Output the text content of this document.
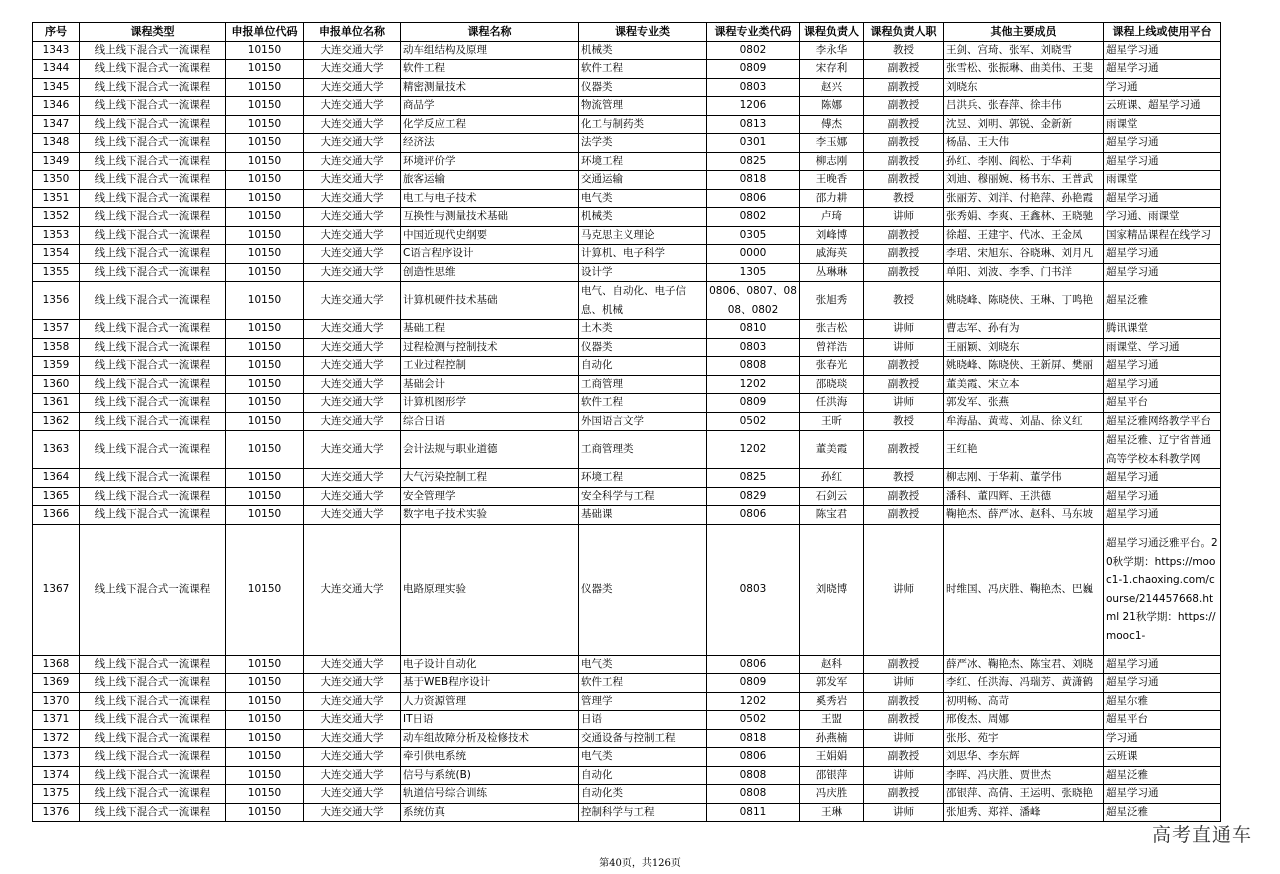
序号	课程类型	申报单位代码	申报单位名称	课程名称	课程专业类	课程专业类代码	课程负责人	课程负责人职	其他主要成员	课程上线或使用平台
1343	线上线下混合式一流课程	10150	大连交通大学	动车组结构及原理	机械类	0802	李永华	教授	王剑、宫琦、张军、刘晓雪	超星学习通
1344	线上线下混合式一流课程	10150	大连交通大学	软件工程	软件工程	0809	宋存利	副教授	张雪松、张振琳、曲美伟、王斐	超星学习通
1345	线上线下混合式一流课程	10150	大连交通大学	精密测量技术	仪器类	0803	赵兴	副教授	刘晓东	学习通
1346	线上线下混合式一流课程	10150	大连交通大学	商品学	物流管理	1206	陈娜	副教授	吕洪兵、张春萍、徐丰伟	云班课、超星学习通
1347	线上线下混合式一流课程	10150	大连交通大学	化学反应工程	化工与制药类	0813	傅杰	副教授	沈昱、刘明、郭锐、金新新	雨课堂
1348	线上线下混合式一流课程	10150	大连交通大学	经济法	法学类	0301	李玉娜	副教授	杨晶、王大伟	超星学习通
1349	线上线下混合式一流课程	10150	大连交通大学	环境评价学	环境工程	0825	柳志刚	副教授	孙红、李刚、阎松、于华莉	超星学习通
1350	线上线下混合式一流课程	10150	大连交通大学	旅客运输	交通运输	0818	王晚香	副教授	刘迪、穆丽婉、杨书东、王普武	雨课堂
1351	线上线下混合式一流课程	10150	大连交通大学	电工与电子技术	电气类	0806	邵力耕	教授	张丽芳、刘洋、付艳萍、孙艳霞	超星学习通
1352	线上线下混合式一流课程	10150	大连交通大学	互换性与测量技术基础	机械类	0802	卢琦	讲师	张秀娟、李爽、王鑫林、王晓驰	学习通、雨课堂
1353	线上线下混合式一流课程	10150	大连交通大学	中国近现代史纲要	马克思主义理论	0305	刘峰博	副教授	徐超、王建宇、代冰、王金凤	国家精品课程在线学习
1354	线上线下混合式一流课程	10150	大连交通大学	C语言程序设计	计算机、电子科学	0000	戚海英	副教授	李珺、宋旭东、谷晓琳、刘月凡	超星学习通
1355	线上线下混合式一流课程	10150	大连交通大学	创造性思维	设计学	1305	丛琳琳	副教授	单阳、刘波、李季、门书洋	超星学习通
1356	线上线下混合式一流课程	10150	大连交通大学	计算机硬件技术基础	电气、自动化、电子信息、机械	0806、0807、0808、0802	张旭秀	教授	姚晓峰、陈晓侠、王琳、丁鸣艳	超星泛雅
1357	线上线下混合式一流课程	10150	大连交通大学	基础工程	土木类	0810	张吉松	讲师	曹志军、孙有为	腾讯课堂
1358	线上线下混合式一流课程	10150	大连交通大学	过程检测与控制技术	仪器类	0803	曾祥浩	讲师	王丽颖、刘晓东	雨课堂、学习通
1359	线上线下混合式一流课程	10150	大连交通大学	工业过程控制	自动化	0808	张春光	副教授	姚晓峰、陈晓侠、王新屏、樊丽	超星学习通
1360	线上线下混合式一流课程	10150	大连交通大学	基础会计	工商管理	1202	邵晓琰	副教授	董美霞、宋立本	超星学习通
1361	线上线下混合式一流课程	10150	大连交通大学	计算机图形学	软件工程	0809	任洪海	讲师	郭发军、张燕	超星平台
1362	线上线下混合式一流课程	10150	大连交通大学	综合日语	外国语言文学	0502	王昕	教授	牟海晶、黄莺、刘晶、徐义红	超星泛雅网络教学平台
1363	线上线下混合式一流课程	10150	大连交通大学	会计法规与职业道德	工商管理类	1202	董美霞	副教授	王红艳	超星泛雅、辽宁省普通高等学校本科教学网
1364	线上线下混合式一流课程	10150	大连交通大学	大气污染控制工程	环境工程	0825	孙红	教授	柳志刚、于华莉、董学伟	超星学习通
1365	线上线下混合式一流课程	10150	大连交通大学	安全管理学	安全科学与工程	0829	石剑云	副教授	潘科、董四辉、王洪德	超星学习通
1366	线上线下混合式一流课程	10150	大连交通大学	数字电子技术实验	基础课	0806	陈宝君	副教授	鞠艳杰、薛严冰、赵科、马东坡	超星学习通
1367	线上线下混合式一流课程	10150	大连交通大学	电路原理实验	仪器类	0803	刘晓博	讲师	时维国、冯庆胜、鞠艳杰、巴巍	超星学习通泛雅平台。20秋学期：https://mooc1-1.chaoxing.com/course/214457668.html 21秋学期：https://mooc1-
1368	线上线下混合式一流课程	10150	大连交通大学	电子设计自动化	电气类	0806	赵科	副教授	薛严冰、鞠艳杰、陈宝君、刘晓	超星学习通
1369	线上线下混合式一流课程	10150	大连交通大学	基于WEB程序设计	软件工程	0809	郭发军	讲师	李红、任洪海、冯瑞芳、黄潇鹤	超星学习通
1370	线上线下混合式一流课程	10150	大连交通大学	人力资源管理	管理学	1202	奚秀岩	副教授	初明畅、高苛	超星尔雅
1371	线上线下混合式一流课程	10150	大连交通大学	IT日语	日语	0502	王盟	副教授	邢俊杰、周娜	超星平台
1372	线上线下混合式一流课程	10150	大连交通大学	动车组故障分析及检修技术	交通设备与控制工程	0818	孙燕楠	讲师	张彤、苑宇	学习通
1373	线上线下混合式一流课程	10150	大连交通大学	牵引供电系统	电气类	0806	王娟娟	副教授	刘思华、李东辉	云班课
1374	线上线下混合式一流课程	10150	大连交通大学	信号与系统(B)	自动化	0808	邵银萍	讲师	李晖、冯庆胜、贾世杰	超星泛雅
1375	线上线下混合式一流课程	10150	大连交通大学	轨道信号综合训练	自动化类	0808	冯庆胜	副教授	邵银萍、高倩、王运明、张晓艳	超星学习通
1376	线上线下混合式一流课程	10150	大连交通大学	系统仿真	控制科学与工程	0811	王琳	讲师	张旭秀、郑祥、潘峰	超星泛雅
第40页，共126页
高考直通车
